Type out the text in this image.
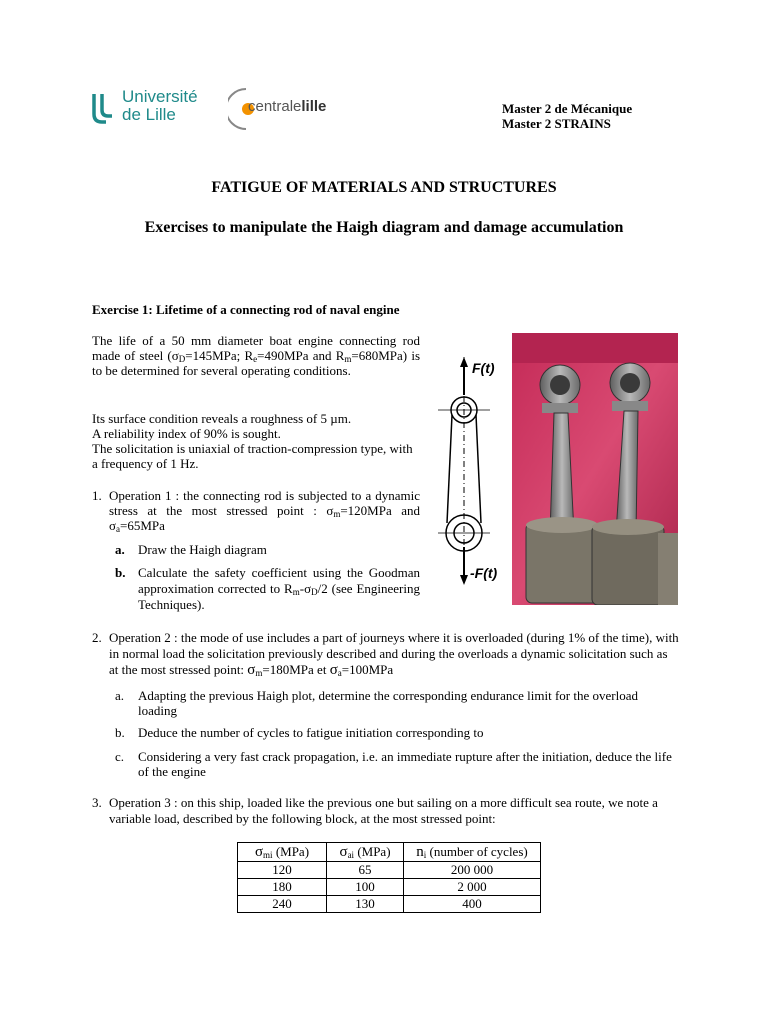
Université
de Lille	centralelille	Master 2 de Mécanique
Master 2 STRAINS
FATIGUE OF MATERIALS AND STRUCTURES
Exercises to manipulate the Haigh diagram and damage accumulation
Exercise 1: Lifetime of a connecting rod of naval engine
The life of a 50 mm diameter boat engine connecting rod made of steel ($\sigma_D=145MPa$; $R_e=490MPa$ and $R_m=680MPa$) is to be determined for several operating conditions.
Its surface condition reveals a roughness of 5 µm.
A reliability index of 90% is sought.
The solicitation is uniaxial of traction-compression type, with a frequency of 1 Hz.
F(t)
-F(t)
1. Operation 1 : the connecting rod is subjected to a dynamic stress at the most stressed point : $\sigma_m=120MPa$ and $\sigma_a=65MPa$
a. Draw the Haigh diagram
b. Calculate the safety coefficient using the Goodman approximation corrected to $R_m-\sigma_D/2$ (see Engineering Techniques).
2. Operation 2 : the mode of use includes a part of journeys where it is overloaded (during 1% of the time), with in normal load the solicitation previously described and during the overloads a dynamic solicitation such as at the most stressed point: $\sigma_m=180MPa$ et $\sigma_a=100MPa$
a. Adapting the previous Haigh plot, determine the corresponding endurance limit for the overload loading
b. Deduce the number of cycles to fatigue initiation corresponding to
c. Considering a very fast crack propagation, i.e. an immediate rupture after the initiation, deduce the life of the engine
3. Operation 3 : on this ship, loaded like the previous one but sailing on a more difficult sea route, we note a variable load, described by the following block, at the most stressed point:
$\sigma_{mi}$ (MPa)	$\sigma_{ai}$ (MPa)	$n_i$ (number of cycles)
120	65	200 000
180	100	2 000
240	130	400
